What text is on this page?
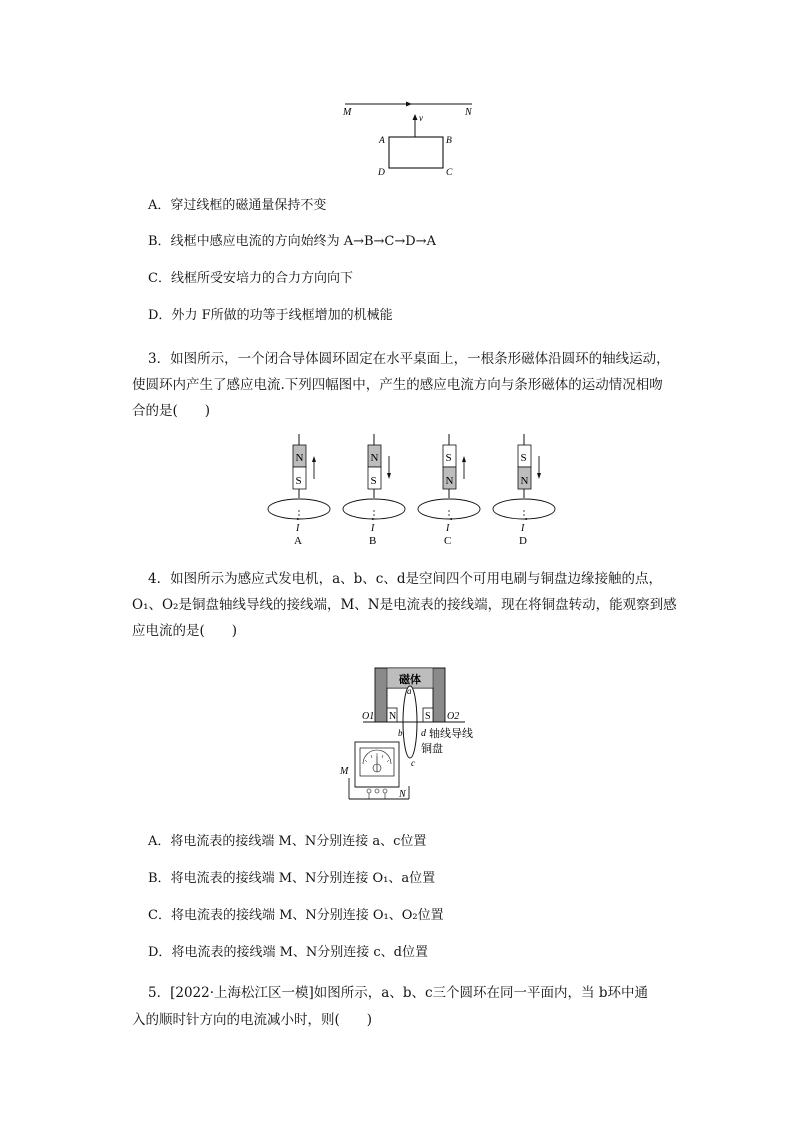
M	N
v
A	B
C
D
A．穿过线框的磁通量保持不变
B．线框中感应电流的方向始终为 A→B→C→D→A
C．线框所受安培力的合力方向向下
D．外力 F所做的功等于线框增加的机械能
3．如图所示，一个闭合导体圆环固定在水平桌面上，一根条形磁体沿圆环的轴线运动，
使圆环内产生了感应电流.下列四幅图中，产生的感应电流方向与条形磁体的运动情况相吻
合的是(　　)
N
S
I
A
N
S
I
B
S
N
I
C
S
N
I
D
4．如图所示为感应式发电机，a、b、c、d是空间四个可用电刷与铜盘边缘接触的点，
O₁、O₂是铜盘轴线导线的接线端，M、N是电流表的接线端，现在将铜盘转动，能观察到感
应电流的是(　　)
磁体
N	S
O1	O2
a
b
c
d 轴线导线
铜盘
M
N
A．将电流表的接线端 M、N分别连接 a、c位置
B．将电流表的接线端 M、N分别连接 O₁、a位置
C．将电流表的接线端 M、N分别连接 O₁、O₂位置
D．将电流表的接线端 M、N分别连接 c、d位置
5．[2022·上海松江区一模]如图所示，a、b、c三个圆环在同一平面内，当 b环中通
入的顺时针方向的电流减小时，则(　　)
